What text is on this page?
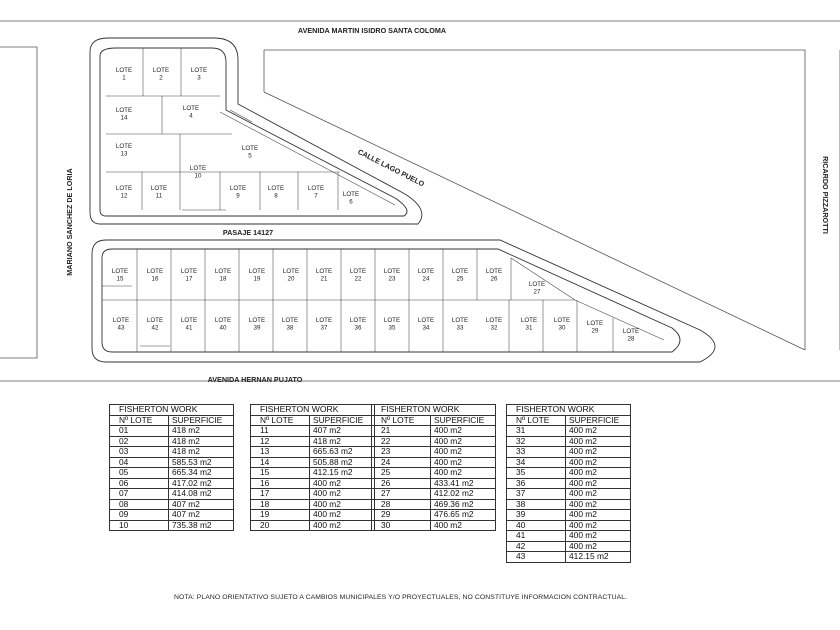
AVENIDA MARTIN ISIDRO SANTA COLOMA
CALLE LAGO PUELO
PASAJE 14127
AVENIDA HERNAN PUJATO
MARIANO SANCHEZ DE LORIA	RICARDO PIZZAROTTI
LOTE 1
LOTE 2
LOTE 3
LOTE 4
LOTE 5
LOTE 6
LOTE 7
LOTE 8
LOTE 9
LOTE 10
LOTE 11
LOTE 12
LOTE 13
LOTE 14
LOTE 15
LOTE 16
LOTE 17
LOTE 18
LOTE 19
LOTE 20
LOTE 21
LOTE 22
LOTE 23
LOTE 24
LOTE 25
LOTE 26
LOTE 27
LOTE 28
LOTE 29
LOTE 30
LOTE 31
LOTE 32
LOTE 33
LOTE 34
LOTE 35
LOTE 36
LOTE 37
LOTE 38
LOTE 39
LOTE 40
LOTE 41
LOTE 42
LOTE 43
FISHERTON WORK	
Nº LOTE	SUPERFICIE
01	418 m2
02	418 m2
03	418 m2
04	585.53 m2
05	665.34 m2
06	417.02 m2
07	414.08 m2
08	407 m2
09	407 m2
10	735.38 m2
FISHERTON WORK	
Nº LOTE	SUPERFICIE
11	407 m2
12	418 m2
13	665.63 m2
14	505.88 m2
15	412.15 m2
16	400 m2
17	400 m2
18	400 m2
19	400 m2
20	400 m2
FISHERTON WORK	
Nº LOTE	SUPERFICIE
21	400 m2
22	400 m2
23	400 m2
24	400 m2
25	400 m2
26	433.41 m2
27	412.02 m2
28	469.36 m2
29	476.65 m2
30	400 m2
FISHERTON WORK	
Nº LOTE	SUPERFICIE
31	400 m2
32	400 m2
33	400 m2
34	400 m2
35	400 m2
36	400 m2
37	400 m2
38	400 m2
39	400 m2
40	400 m2
41	400 m2
42	400 m2
43	412.15 m2
NOTA: PLANO ORIENTATIVO SUJETO A CAMBIOS MUNICIPALES Y/O PROYECTUALES, NO CONSTITUYE INFORMACION CONTRACTUAL.
